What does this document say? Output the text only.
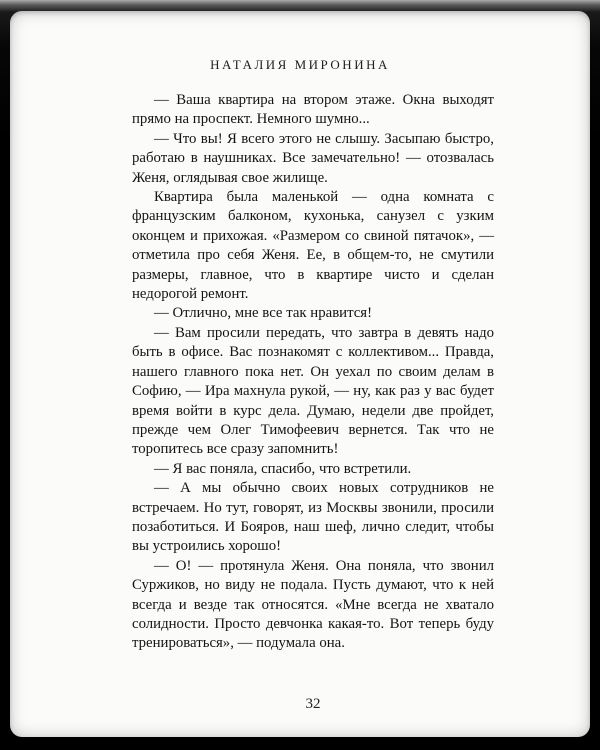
НАТАЛИЯ МИРОНИНА

— Ваша квартира на втором этаже. Окна выходят прямо на проспект. Немного шумно...

— Что вы! Я всего этого не слышу. Засыпаю быстро, работаю в наушниках. Все замечательно! — отозвалась Женя, оглядывая свое жилище.

Квартира была маленькой — одна комната с французским балконом, кухонька, санузел с узким оконцем и прихожая. «Размером со свиной пятачок», — отметила про себя Женя. Ее, в общем-то, не смутили размеры, главное, что в квартире чисто и сделан недорогой ремонт.

— Отлично, мне все так нравится!

— Вам просили передать, что завтра в девять надо быть в офисе. Вас познакомят с коллективом... Правда, нашего главного пока нет. Он уехал по своим делам в Софию, — Ира махнула рукой, — ну, как раз у вас будет время войти в курс дела. Думаю, недели две пройдет, прежде чем Олег Тимофеевич вернется. Так что не торопитесь все сразу запомнить!

— Я вас поняла, спасибо, что встретили.

— А мы обычно своих новых сотрудников не встречаем. Но тут, говорят, из Москвы звонили, просили позаботиться. И Бояров, наш шеф, лично следит, чтобы вы устроились хорошо!

— О! — протянула Женя. Она поняла, что звонил Суржиков, но виду не подала. Пусть думают, что к ней всегда и везде так относятся. «Мне всегда не хватало солидности. Просто девчонка какая-то. Вот теперь буду тренироваться», — подумала она.

32
